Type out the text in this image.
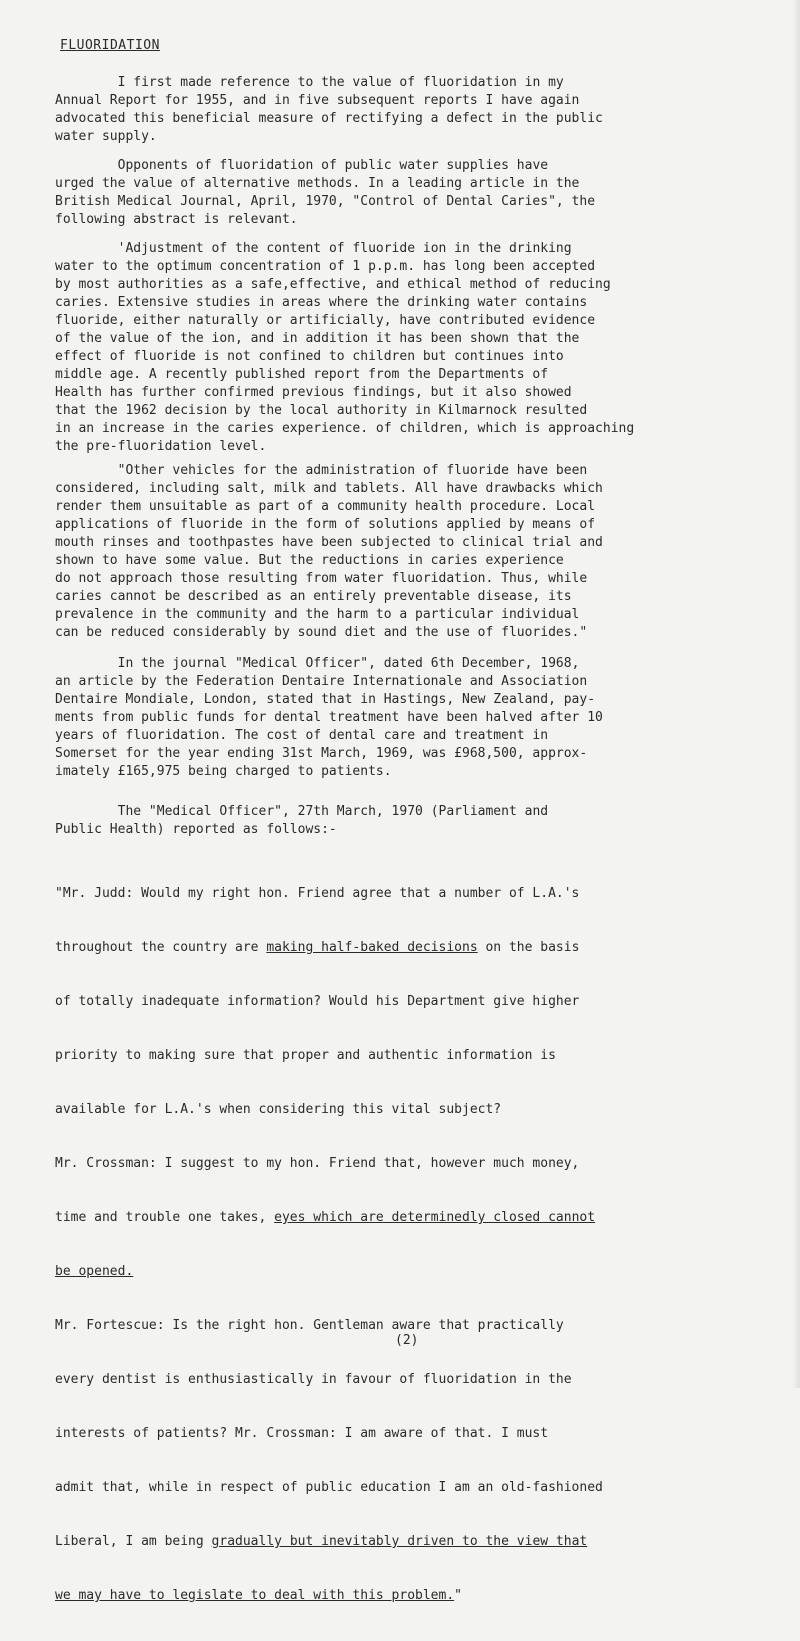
FLUORIDATION

I first made reference to the value of fluoridation in my
Annual Report for 1955, and in five subsequent reports I have again
advocated this beneficial measure of rectifying a defect in the public
water supply.

Opponents of fluoridation of public water supplies have
urged the value of alternative methods. In a leading article in the
British Medical Journal, April, 1970, "Control of Dental Caries", the
following abstract is relevant.

'Adjustment of the content of fluoride ion in the drinking
water to the optimum concentration of 1 p.p.m. has long been accepted
by most authorities as a safe,effective, and ethical method of reducing
caries. Extensive studies in areas where the drinking water contains
fluoride, either naturally or artificially, have contributed evidence
of the value of the ion, and in addition it has been shown that the
effect of fluoride is not confined to children but continues into
middle age. A recently published report from the Departments of
Health has further confirmed previous findings, but it also showed
that the 1962 decision by the local authority in Kilmarnock resulted
in an increase in the caries experience. of children, which is approaching
the pre-fluoridation level.

"Other vehicles for the administration of fluoride have been
considered, including salt, milk and tablets. All have drawbacks which
render them unsuitable as part of a community health procedure. Local
applications of fluoride in the form of solutions applied by means of
mouth rinses and toothpastes have been subjected to clinical trial and
shown to have some value. But the reductions in caries experience
do not approach those resulting from water fluoridation. Thus, while
caries cannot be described as an entirely preventable disease, its
prevalence in the community and the harm to a particular individual
can be reduced considerably by sound diet and the use of fluorides."

In the journal "Medical Officer", dated 6th December, 1968,
an article by the Federation Dentaire Internationale and Association
Dentaire Mondiale, London, stated that in Hastings, New Zealand, pay-
ments from public funds for dental treatment have been halved after 10
years of fluoridation. The cost of dental care and treatment in
Somerset for the year ending 31st March, 1969, was £968,500, approx-
imately £165,975 being charged to patients.

The "Medical Officer", 27th March, 1970 (Parliament and
Public Health) reported as follows:-

"Mr. Judd: Would my right hon. Friend agree that a number of L.A.'s

throughout the country are making half-baked decisions on the basis

of totally inadequate information? Would his Department give higher

priority to making sure that proper and authentic information is

available for L.A.'s when considering this vital subject?

Mr. Crossman: I suggest to my hon. Friend that, however much money,

time and trouble one takes, eyes which are determinedly closed cannot

be opened.

Mr. Fortescue: Is the right hon. Gentleman aware that practically

every dentist is enthusiastically in favour of fluoridation in the

interests of patients? Mr. Crossman: I am aware of that. I must

admit that, while in respect of public education I am an old-fashioned

Liberal, I am being gradually but inevitably driven to the view that

we may have to legislate to deal with this problem."

(2)
